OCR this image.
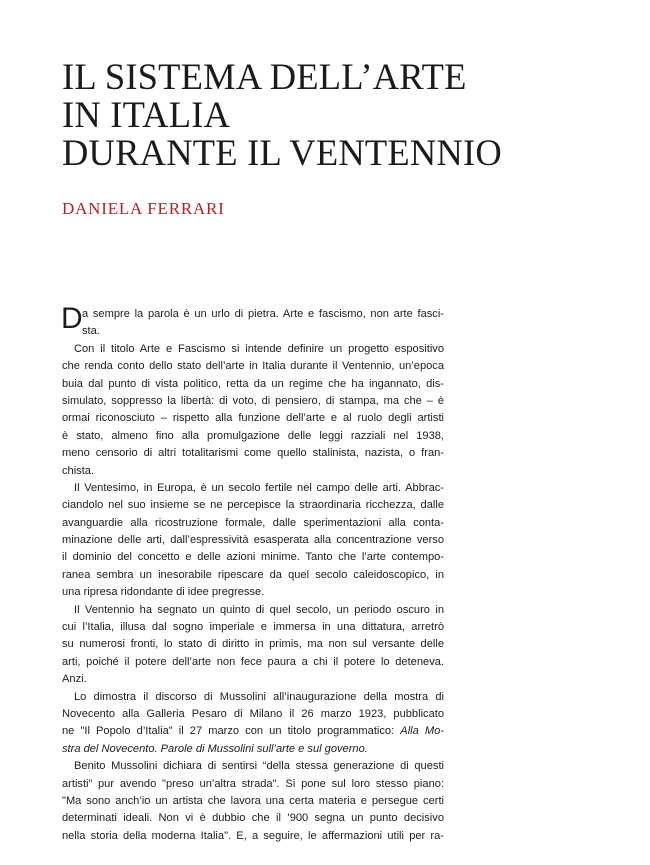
IL SISTEMA DELL’ARTE
IN ITALIA
DURANTE IL VENTENNIO
DANIELA FERRARI
D a sempre la parola è un urlo di pietra. Arte e fascismo, non arte fasci-
sta.
Con il titolo Arte e Fascismo si intende definire un progetto espositivo
che renda conto dello stato dell’arte in Italia durante il Ventennio, un’epoca
buia dal punto di vista politico, retta da un regime che ha ingannato, dis-
simulato, soppresso la libertà: di voto, di pensiero, di stampa, ma che – è
ormai riconosciuto – rispetto alla funzione dell’arte e al ruolo degli artisti
è stato, almeno fino alla promulgazione delle leggi razziali nel 1938,
meno censorio di altri totalitarismi come quello stalinista, nazista, o fran-
chista.
Il Ventesimo, in Europa, è un secolo fertile nel campo delle arti. Abbrac-
ciandolo nel suo insieme se ne percepisce la straordinaria ricchezza, dalle
avanguardie alla ricostruzione formale, dalle sperimentazioni alla conta-
minazione delle arti, dall’espressività esasperata alla concentrazione verso
il dominio del concetto e delle azioni minime. Tanto che l’arte contempo-
ranea sembra un inesorabile ripescare da quel secolo caleidoscopico, in
una ripresa ridondante di idee pregresse.
Il Ventennio ha segnato un quinto di quel secolo, un periodo oscuro in
cui l’Italia, illusa dal sogno imperiale e immersa in una dittatura, arretrò
su numerosi fronti, lo stato di diritto in primis, ma non sul versante delle
arti, poiché il potere dell’arte non fece paura a chi il potere lo deteneva.
Anzi.
Lo dimostra il discorso di Mussolini all’inaugurazione della mostra di
Novecento alla Galleria Pesaro di Milano il 26 marzo 1923, pubblicato
ne "Il Popolo d’Italia" il 27 marzo con un titolo programmatico: Alla Mo-
stra del Novecento. Parole di Mussolini sull’arte e sul governo.
Benito Mussolini dichiara di sentirsi “della stessa generazione di questi
artisti” pur avendo "preso un’altra strada". Si pone sul loro stesso piano:
"Ma sono anch’io un artista che lavora una certa materia e persegue certi
determinati ideali. Non vi è dubbio che il ’900 segna un punto decisivo
nella storia della moderna Italia". E, a seguire, le affermazioni utili per ra-
